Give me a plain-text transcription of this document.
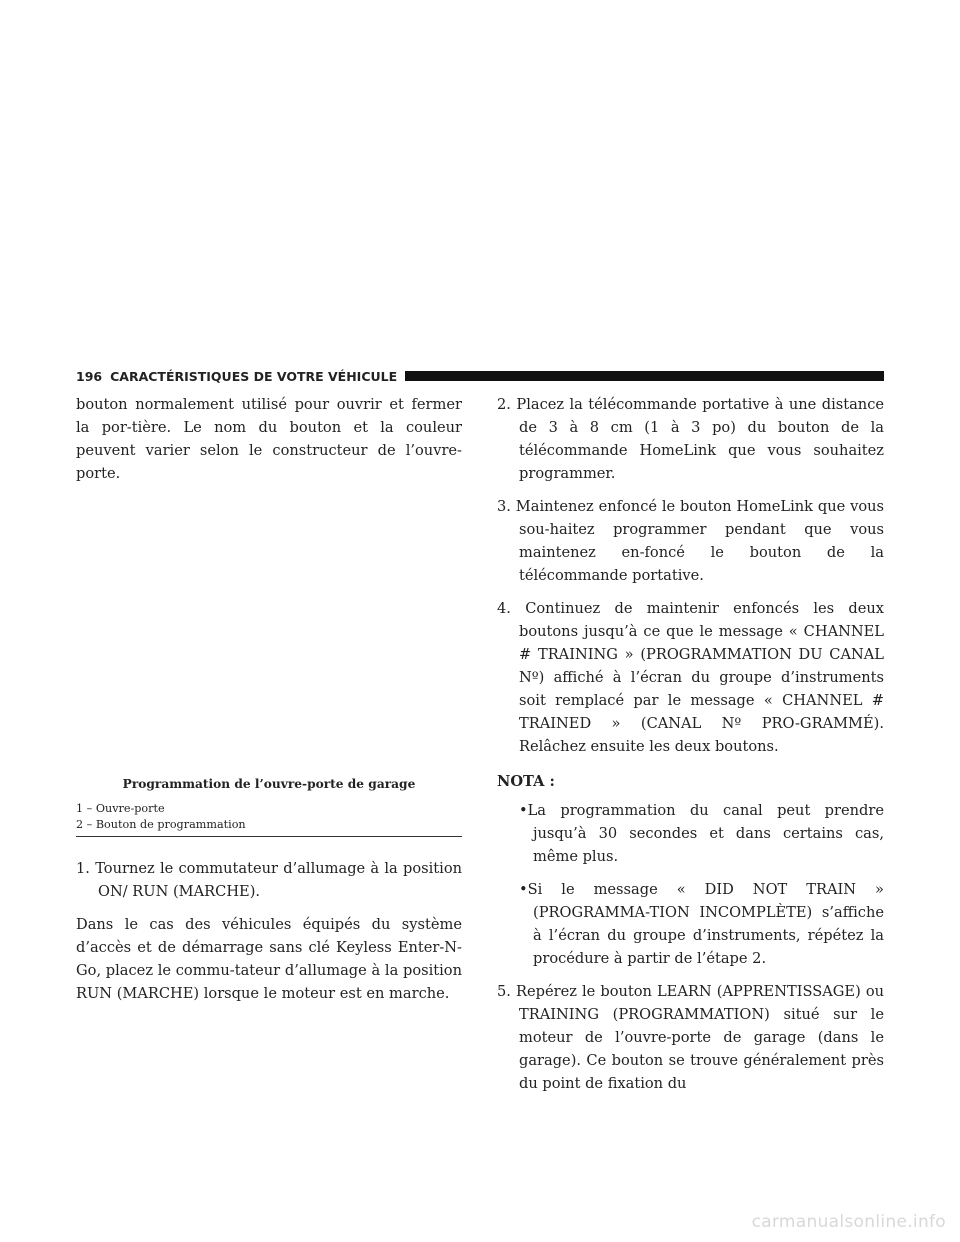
196 CARACTÉRISTIQUES DE VOTRE VÉHICULE

bouton normalement utilisé pour ouvrir et fermer la por-tière. Le nom du bouton et la couleur peuvent varier selon le constructeur de l’ouvre-porte.

Programmation de l’ouvre-porte de garage
1 – Ouvre-porte
2 – Bouton de programmation
1. Tournez le commutateur d’allumage à la position ON/ RUN (MARCHE).

Dans le cas des véhicules équipés du système d’accès et de démarrage sans clé Keyless Enter-N-Go, placez le commu-tateur d’allumage à la position RUN (MARCHE) lorsque le moteur est en marche.

2. Placez la télécommande portative à une distance de 3 à 8 cm (1 à 3 po) du bouton de la télécommande HomeLink que vous souhaitez programmer.
3. Maintenez enfoncé le bouton HomeLink que vous sou-haitez programmer pendant que vous maintenez en-foncé le bouton de la télécommande portative.
4. Continuez de maintenir enfoncés les deux boutons jusqu’à ce que le message « CHANNEL # TRAINING » (PROGRAMMATION DU CANAL Nº) affiché à l’écran du groupe d’instruments soit remplacé par le message « CHANNEL # TRAINED » (CANAL Nº PRO-GRAMMÉ). Relâchez ensuite les deux boutons.
NOTA :
•La programmation du canal peut prendre jusqu’à 30 secondes et dans certains cas, même plus.
•Si le message « DID NOT TRAIN » (PROGRAMMA-TION INCOMPLÈTE) s’affiche à l’écran du groupe d’instruments, répétez la procédure à partir de l’étape 2.
5. Repérez le bouton LEARN (APPRENTISSAGE) ou TRAINING (PROGRAMMATION) situé sur le moteur de l’ouvre-porte de garage (dans le garage). Ce bouton se trouve généralement près du point de fixation du
carmanualsonline.info
